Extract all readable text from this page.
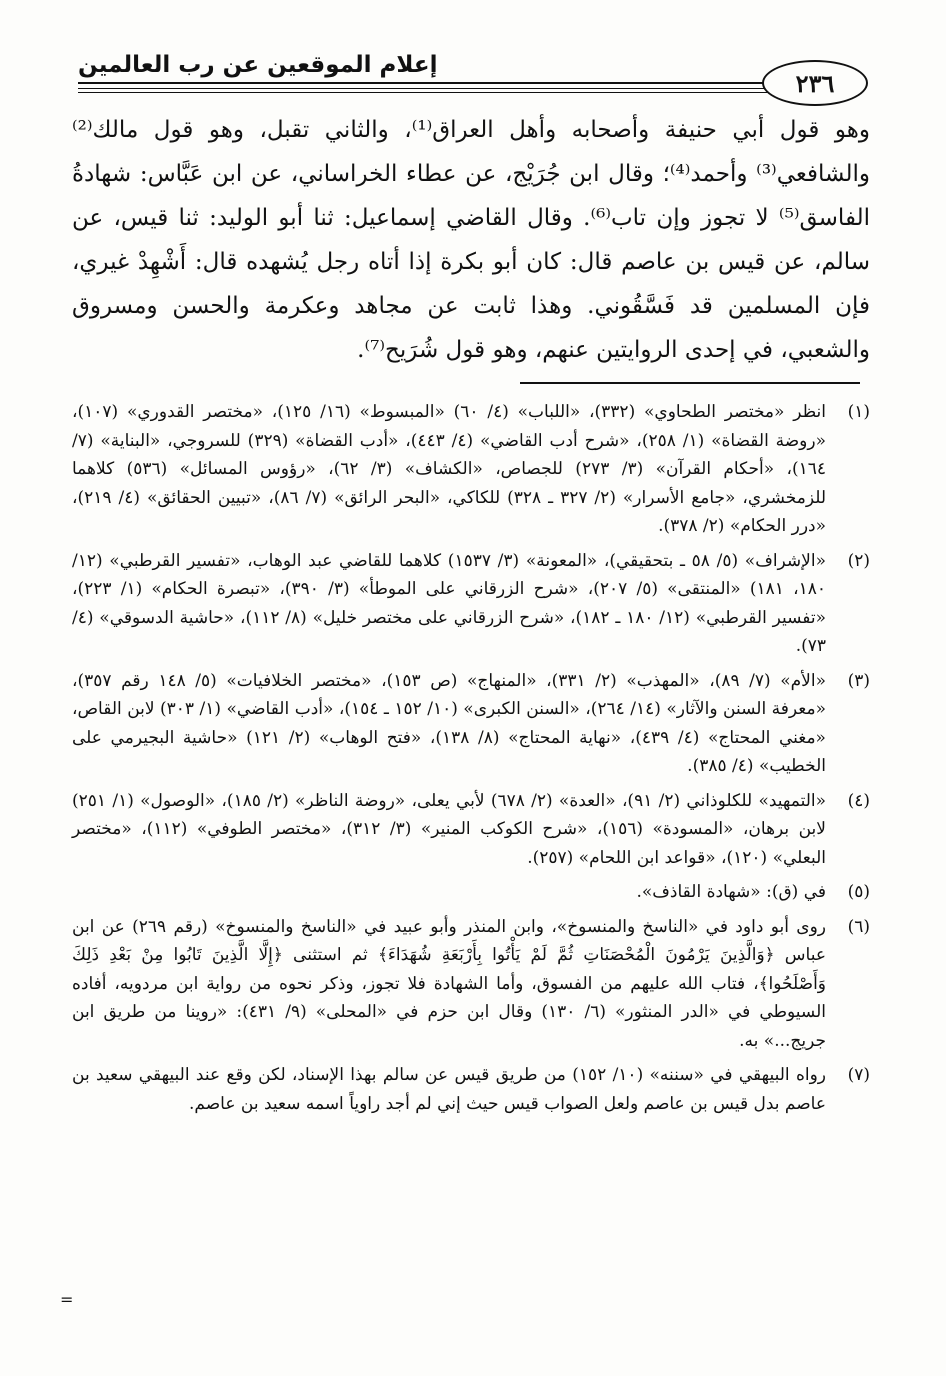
٢٣٦
إعلام الموقعين عن رب العالمين

وهو قول أبي حنيفة وأصحابه وأهل العراق⁽¹⁾، والثاني تقبل، وهو قول مالك⁽²⁾ والشافعي⁽³⁾ وأحمد⁽⁴⁾؛ وقال ابن جُرَيْج، عن عطاء الخراساني، عن ابن عَبَّاس: شهادةُ الفاسق⁽⁵⁾ لا تجوز وإن تاب⁽⁶⁾. وقال القاضي إسماعيل: ثنا أبو الوليد: ثنا قيس، عن سالم، عن قيس بن عاصم قال: كان أبو بكرة إذا أتاه رجل يُشهده قال: أَشْهِدْ غيري، فإن المسلمين قد فَسَّقُوني. وهذا ثابت عن مجاهد وعكرمة والحسن ومسروق والشعبي، في إحدى الروايتين عنهم، وهو قول شُرَيح⁽⁷⁾.

(١)
انظر «مختصر الطحاوي» (٣٣٢)، «اللباب» (٤/ ٦٠) «المبسوط» (١٦/ ١٢٥)، «مختصر القدوري» (١٠٧)، «روضة القضاة» (١/ ٢٥٨)، «شرح أدب القاضي» (٤/ ٤٤٣)، «أدب القضاة» (٣٢٩) للسروجي، «البناية» (٧/ ١٦٤)، «أحكام القرآن» (٣/ ٢٧٣) للجصاص، «الكشاف» (٣/ ٦٢)، «رؤوس المسائل» (٥٣٦) كلاهما للزمخشري، «جامع الأسرار» (٢/ ٣٢٧ ـ ٣٢٨) للكاكي، «البحر الرائق» (٧/ ٨٦)، «تبيين الحقائق» (٤/ ٢١٩)، «درر الحكام» (٢/ ٣٧٨).
(٢)
«الإشراف» (٥/ ٥٨ ـ بتحقيقي)، «المعونة» (٣/ ١٥٣٧) كلاهما للقاضي عبد الوهاب، «تفسير القرطبي» (١٢/ ١٨٠، ١٨١) «المنتقى» (٥/ ٢٠٧)، «شرح الزرقاني على الموطأ» (٣/ ٣٩٠)، «تبصرة الحكام» (١/ ٢٢٣)، «تفسير القرطبي» (١٢/ ١٨٠ ـ ١٨٢)، «شرح الزرقاني على مختصر خليل» (٨/ ١١٢)، «حاشية الدسوقي» (٤/ ٧٣).
(٣)
«الأم» (٧/ ٨٩)، «المهذب» (٢/ ٣٣١)، «المنهاج» (ص ١٥٣)، «مختصر الخلافيات» (٥/ ١٤٨ رقم ٣٥٧)، «معرفة السنن والآثار» (١٤/ ٢٦٤)، «السنن الكبرى» (١٠/ ١٥٢ ـ ١٥٤)، «أدب القاضي» (١/ ٣٠٣) لابن القاص، «مغني المحتاج» (٤/ ٤٣٩)، «نهاية المحتاج» (٨/ ١٣٨)، «فتح الوهاب» (٢/ ١٢١) «حاشية البجيرمي على الخطيب» (٤/ ٣٨٥).
(٤)
«التمهيد» للكلوذاني (٢/ ٩١)، «العدة» (٢/ ٦٧٨) لأبي يعلى، «روضة الناظر» (٢/ ١٨٥)، «الوصول» (١/ ٢٥١) لابن برهان، «المسودة» (١٥٦)، «شرح الكوكب المنير» (٣/ ٣١٢)، «مختصر الطوفي» (١١٢)، «مختصر البعلي» (١٢٠)، «قواعد ابن اللحام» (٢٥٧).
(٥)
في (ق): «شهادة القاذف».
(٦)
روى أبو داود في «الناسخ والمنسوخ»، وابن المنذر وأبو عبيد في «الناسخ والمنسوخ» (رقم ٢٦٩) عن ابن عباس ﴿وَالَّذِينَ يَرْمُونَ الْمُحْصَنَاتِ ثُمَّ لَمْ يَأْتُوا بِأَرْبَعَةِ شُهَدَاءَ﴾ ثم استثنى ﴿إِلَّا الَّذِينَ تَابُوا مِنْ بَعْدِ ذَلِكَ وَأَصْلَحُوا﴾، فتاب الله عليهم من الفسوق، وأما الشهادة فلا تجوز، وذكر نحوه من رواية ابن مردويه، أفاده السيوطي في «الدر المنثور» (٦/ ١٣٠) وقال ابن حزم في «المحلى» (٩/ ٤٣١): «روينا من طريق ابن جريج...» به.
(٧)
رواه البيهقي في «سننه» (١٠/ ١٥٢) من طريق قيس عن سالم بهذا الإسناد، لكن وقع عند البيهقي سعيد بن عاصم بدل قيس بن عاصم ولعل الصواب قيس حيث إني لم أجد راوياً اسمه سعيد بن عاصم.
=
